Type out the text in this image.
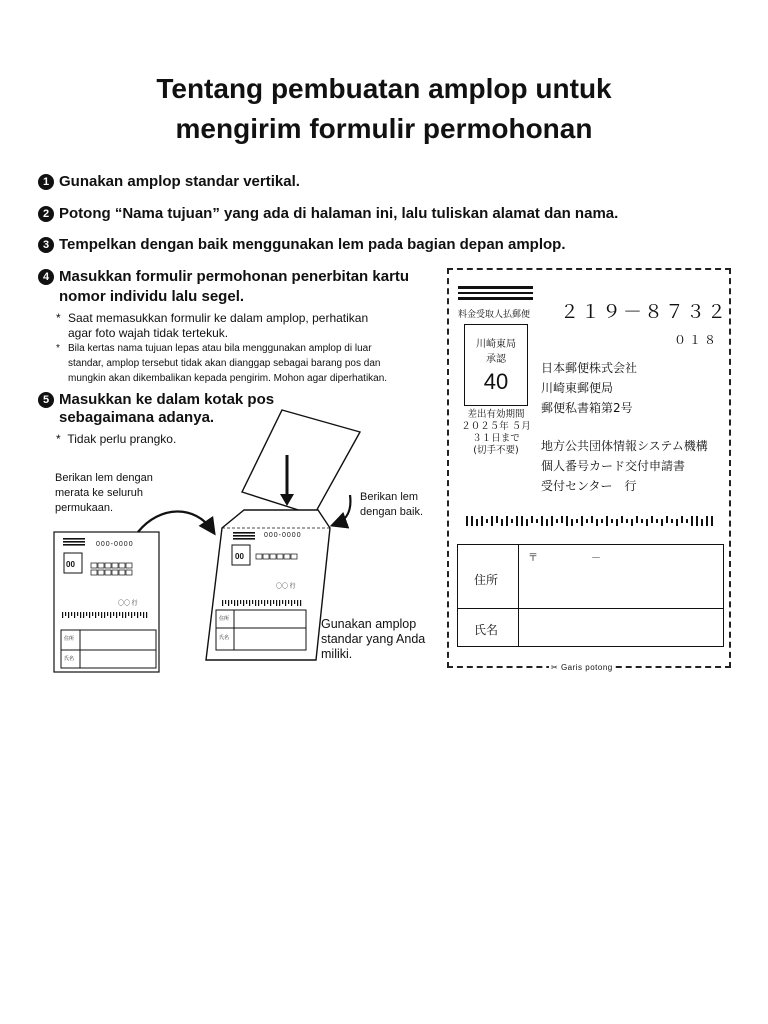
Tentang pembuatan amplop untuk
mengirim formulir permohonan
1 Gunakan amplop standar vertikal.
2 Potong “Nama tujuan” yang ada di halaman ini, lalu tuliskan alamat dan nama.
3 Tempelkan dengan baik menggunakan lem pada bagian depan amplop.
4 Masukkan formulir permohonan penerbitan kartu
nomor individu lalu segel.
* Saat memasukkan formulir ke dalam amplop, perhatikan
agar foto wajah tidak tertekuk.
* Bila kertas nama tujuan lepas atau bila menggunakan amplop di luar
standar, amplop tersebut tidak akan dianggap sebagai barang pos dan
mungkin akan dikembalikan kepada pengirim. Mohon agar diperhatikan.
5 Masukkan ke dalam kotak pos
sebagaimana adanya.
*  Tidak perlu prangko.
Berikan lem dengan
merata ke seluruh
permukaan.
Berikan lem
dengan baik.
Gunakan amplop
standar yang Anda
miliki.
000-0000
00
〇〇 行
住所
氏名
000-0000
00
〇〇 行
住所
氏名
料金受取人払郵便
川崎東局
承認
40
差出有効期間
２０２５年 ５月
３１日まで
(切手不要)
２１９－８７３２
０１８
日本郵便株式会社
川崎東郵便局
郵便私書箱第2号
地方公共団体情報システム機構
個人番号カード交付申請書
受付センター　行
住所
氏名
〒	－
✂ Garis potong
